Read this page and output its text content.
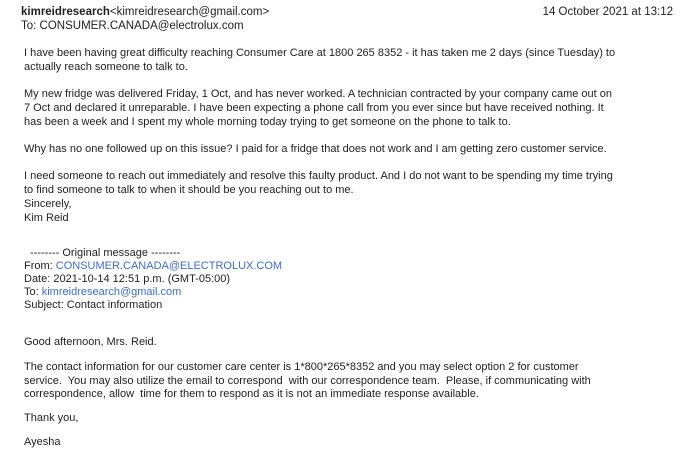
kimreidresearch<kimreidresearch@gmail.com>	14 October 2021 at 13:12
To: CONSUMER.CANADA@electrolux.com
I have been having great difficulty reaching Consumer Care at 1800 265 8352 - it has taken me 2 days (since Tuesday) to
actually reach someone to talk to.
My new fridge was delivered Friday, 1 Oct, and has never worked. A technician contracted by your company came out on
7 Oct and declared it unreparable. I have been expecting a phone call from you ever since but have received nothing. It
has been a week and I spent my whole morning today trying to get someone on the phone to talk to.
Why has no one followed up on this issue? I paid for a fridge that does not work and I am getting zero customer service.
I need someone to reach out immediately and resolve this faulty product. And I do not want to be spending my time trying
to find someone to talk to when it should be you reaching out to me.
Sincerely,
Kim Reid
-------- Original message --------
From: CONSUMER.CANADA@ELECTROLUX.COM
Date: 2021-10-14 12:51 p.m. (GMT-05:00)
To: kimreidresearch@gmail.com
Subject: Contact information
Good afternoon, Mrs. Reid.
The contact information for our customer care center is 1*800*265*8352 and you may select option 2 for customer
service.  You may also utilize the email to correspond  with our correspondence team.  Please, if communicating with
correspondence, allow  time for them to respond as it is not an immediate response available.
Thank you,
Ayesha
